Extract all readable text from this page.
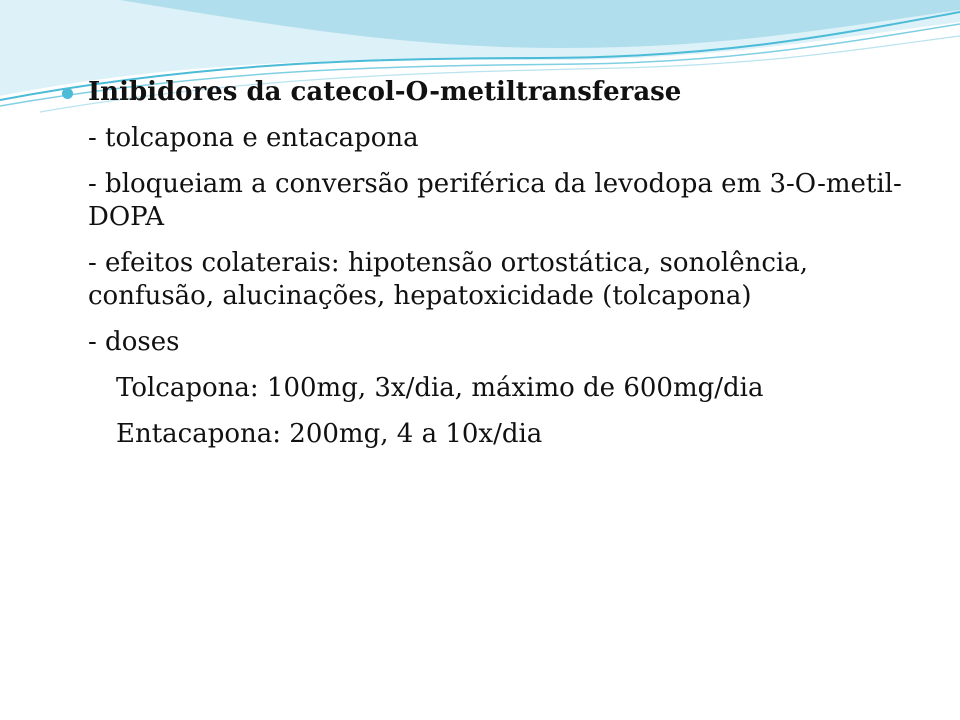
Inibidores da catecol-O-metiltransferase
- tolcapona e entacapona
- bloqueiam a conversão periférica da levodopa em 3-O-metil-DOPA
- efeitos colaterais: hipotensão ortostática, sonolência, confusão, alucinações, hepatoxicidade (tolcapona)
- doses
Tolcapona: 100mg, 3x/dia, máximo de 600mg/dia
Entacapona: 200mg, 4 a 10x/dia
